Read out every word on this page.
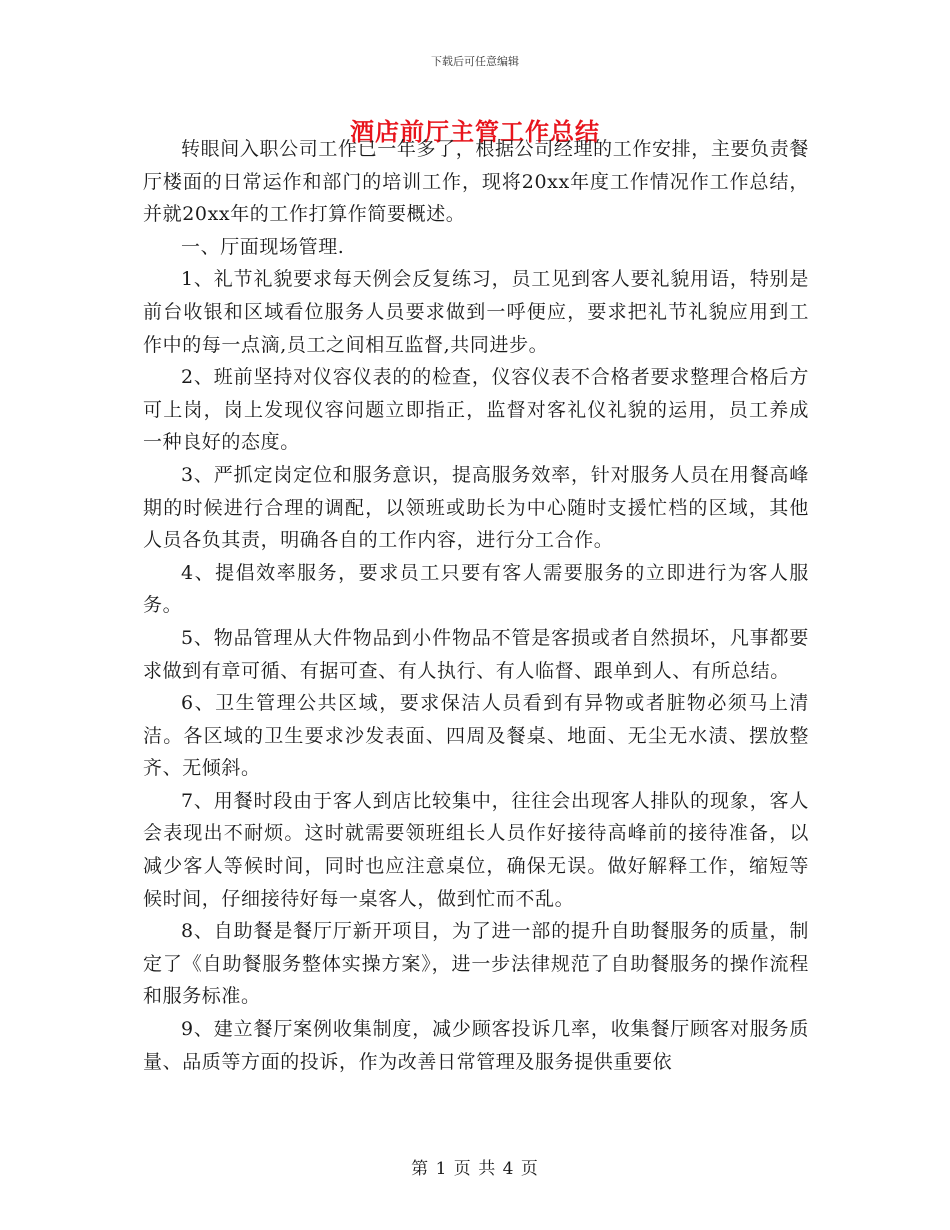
下载后可任意编辑
酒店前厅主管工作总结

转眼间入职公司工作已一年多了，根据公司经理的工作安排，主要负责餐厅楼面的日常运作和部门的培训工作，现将20xx年度工作情况作工作总结，并就20xx年的工作打算作简要概述。

一、厅面现场管理.

1、礼节礼貌要求每天例会反复练习，员工见到客人要礼貌用语，特别是前台收银和区域看位服务人员要求做到一呼便应，要求把礼节礼貌应用到工作中的每一点滴,员工之间相互监督,共同进步。

2、班前坚持对仪容仪表的的检查，仪容仪表不合格者要求整理合格后方可上岗，岗上发现仪容问题立即指正，监督对客礼仪礼貌的运用，员工养成一种良好的态度。

3、严抓定岗定位和服务意识，提高服务效率，针对服务人员在用餐高峰期的时候进行合理的调配，以领班或助长为中心随时支援忙档的区域，其他人员各负其责，明确各自的工作内容，进行分工合作。

4、提倡效率服务，要求员工只要有客人需要服务的立即进行为客人服务。

5、物品管理从大件物品到小件物品不管是客损或者自然损坏，凡事都要求做到有章可循、有据可查、有人执行、有人临督、跟单到人、有所总结。

6、卫生管理公共区域，要求保洁人员看到有异物或者脏物必须马上清洁。各区域的卫生要求沙发表面、四周及餐桌、地面、无尘无水渍、摆放整齐、无倾斜。

7、用餐时段由于客人到店比较集中，往往会出现客人排队的现象，客人会表现出不耐烦。这时就需要领班组长人员作好接待高峰前的接待准备，以减少客人等候时间，同时也应注意桌位，确保无误。做好解释工作，缩短等候时间，仔细接待好每一桌客人，做到忙而不乱。

8、自助餐是餐厅厅新开项目，为了进一部的提升自助餐服务的质量，制定了《自助餐服务整体实操方案》，进一步法律规范了自助餐服务的操作流程和服务标准。

9、建立餐厅案例收集制度，减少顾客投诉几率，收集餐厅顾客对服务质量、品质等方面的投诉，作为改善日常管理及服务提供重要依

第 1 页 共 4 页
